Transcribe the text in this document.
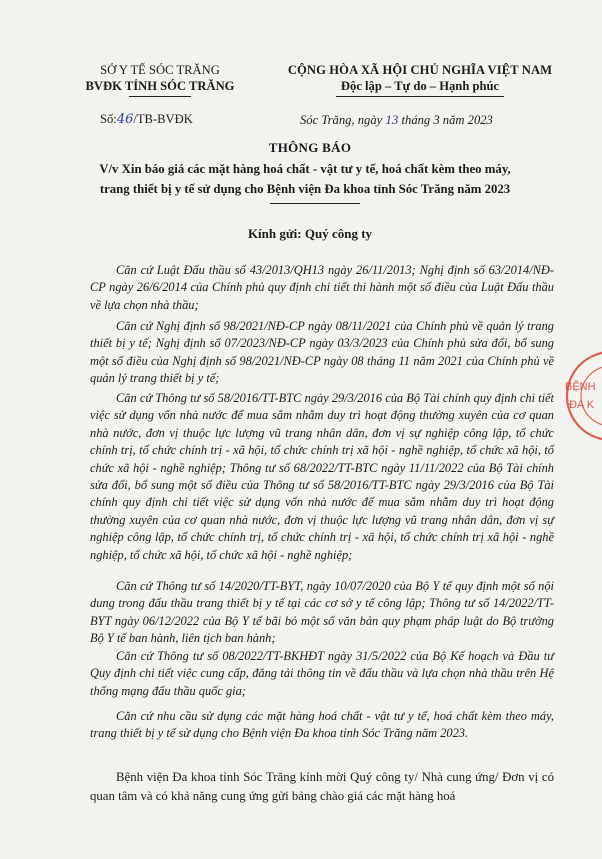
SỞ Y TẾ SÓC TRĂNG
BVĐK TỈNH SÓC TRĂNG
Số:46/TB-BVĐK
CỘNG HÒA XÃ HỘI CHỦ NGHĨA VIỆT NAM
Độc lập – Tự do – Hạnh phúc
Sóc Trăng, ngày 13 tháng 3 năm 2023
THÔNG BÁO
V/v Xin báo giá các mặt hàng hoá chất - vật tư y tế, hoá chất kèm theo máy,
trang thiết bị y tế sử dụng cho Bệnh viện Đa khoa tỉnh Sóc Trăng năm 2023
Kính gửi: Quý công ty
Căn cứ Luật Đấu thầu số 43/2013/QH13 ngày 26/11/2013; Nghị định số 63/2014/NĐ-CP ngày 26/6/2014 của Chính phủ quy định chi tiết thi hành một số điều của Luật Đấu thầu về lựa chọn nhà thầu;
Căn cứ Nghị định số 98/2021/NĐ-CP ngày 08/11/2021 của Chính phủ về quản lý trang thiết bị y tế; Nghị định số 07/2023/NĐ-CP ngày 03/3/2023 của Chính phủ sửa đổi, bổ sung một số điều của Nghị định số 98/2021/NĐ-CP ngày 08 tháng 11 năm 2021 của Chính phủ về quản lý trang thiết bị y tế;
Căn cứ Thông tư số 58/2016/TT-BTC ngày 29/3/2016 của Bộ Tài chính quy định chi tiết việc sử dụng vốn nhà nước để mua sắm nhằm duy trì hoạt động thường xuyên của cơ quan nhà nước, đơn vị thuộc lực lượng vũ trang nhân dân, đơn vị sự nghiệp công lập, tổ chức chính trị, tổ chức chính trị - xã hội, tổ chức chính trị xã hội - nghề nghiệp, tổ chức xã hội, tổ chức xã hội - nghề nghiệp; Thông tư số 68/2022/TT-BTC ngày 11/11/2022 của Bộ Tài chính sửa đổi, bổ sung một số điều của Thông tư số 58/2016/TT-BTC ngày 29/3/2016 của Bộ Tài chính quy định chi tiết việc sử dụng vốn nhà nước để mua sắm nhằm duy trì hoạt động thường xuyên của cơ quan nhà nước, đơn vị thuộc lực lượng vũ trang nhân dân, đơn vị sự nghiệp công lập, tổ chức chính trị, tổ chức chính trị - xã hội, tổ chức chính trị xã hội - nghề nghiệp, tổ chức xã hội, tổ chức xã hội - nghề nghiệp;
Căn cứ Thông tư số 14/2020/TT-BYT, ngày 10/07/2020 của Bộ Y tế quy định một số nội dung trong đấu thầu trang thiết bị y tế tại các cơ sở y tế công lập; Thông tư số 14/2022/TT-BYT ngày 06/12/2022 của Bộ Y tế bãi bỏ một số văn bản quy phạm pháp luật do Bộ trưởng Bộ Y tế ban hành, liên tịch ban hành;
Căn cứ Thông tư số 08/2022/TT-BKHĐT ngày 31/5/2022 của Bộ Kế hoạch và Đầu tư Quy định chi tiết việc cung cấp, đăng tải thông tin về đấu thầu và lựa chọn nhà thầu trên Hệ thống mạng đấu thầu quốc gia;
Căn cứ nhu cầu sử dụng các mặt hàng hoá chất - vật tư y tế, hoá chất kèm theo máy, trang thiết bị y tế sử dụng cho Bệnh viện Đa khoa tỉnh Sóc Trăng năm 2023.
Bệnh viện Đa khoa tỉnh Sóc Trăng kính mời Quý công ty/ Nhà cung ứng/ Đơn vị có quan tâm và có khả năng cung ứng gửi bảng chào giá các mặt hàng hoá
BỆNH
ĐA K
